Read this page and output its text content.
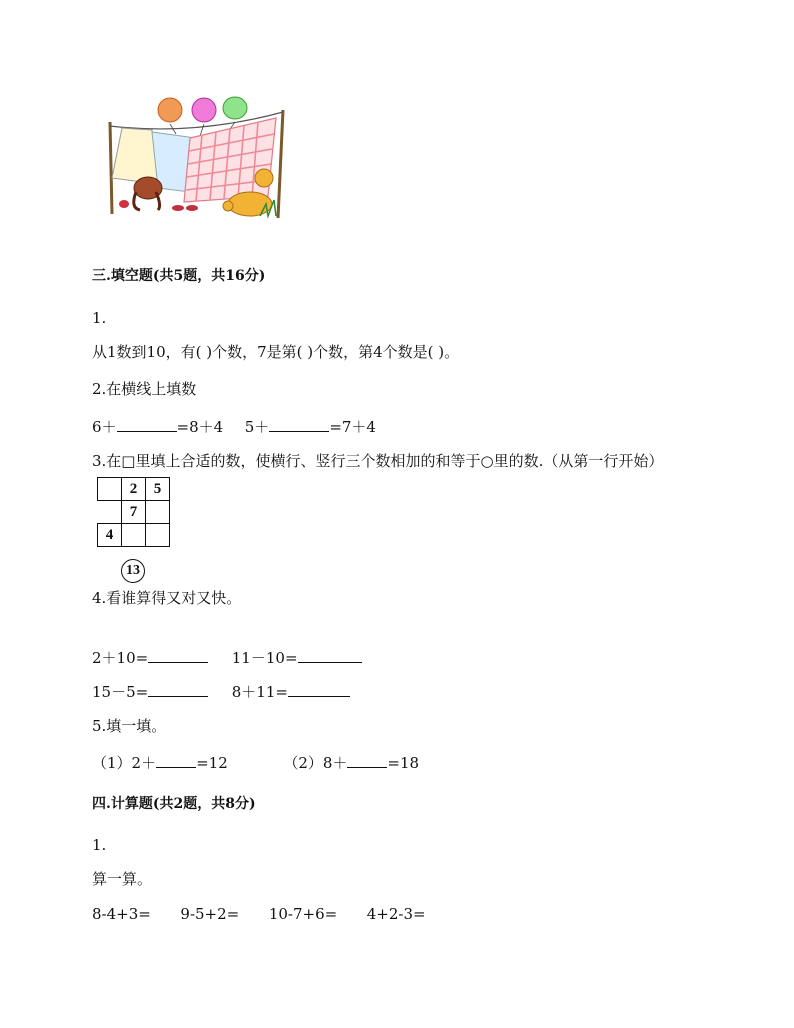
三.填空题(共5题，共16分)
1.
从1数到10，有( )个数，7是第( )个数，第4个数是( )。
2.在横线上填数
6＋	=8＋4 5＋	=7＋4
3.在□里填上合适的数，使横行、竖行三个数相加的和等于○里的数.（从第一行开始）
	2	5
	7	
4		
13
4.看谁算得又对又快。
2＋10=	11－10=
15－5=	8＋11=
5.填一填。
（1）2＋	=12	（2）8＋	=18
四.计算题(共2题，共8分)
1.
算一算。
8-4+3= 9-5+2= 10-7+6= 4+2-3=
